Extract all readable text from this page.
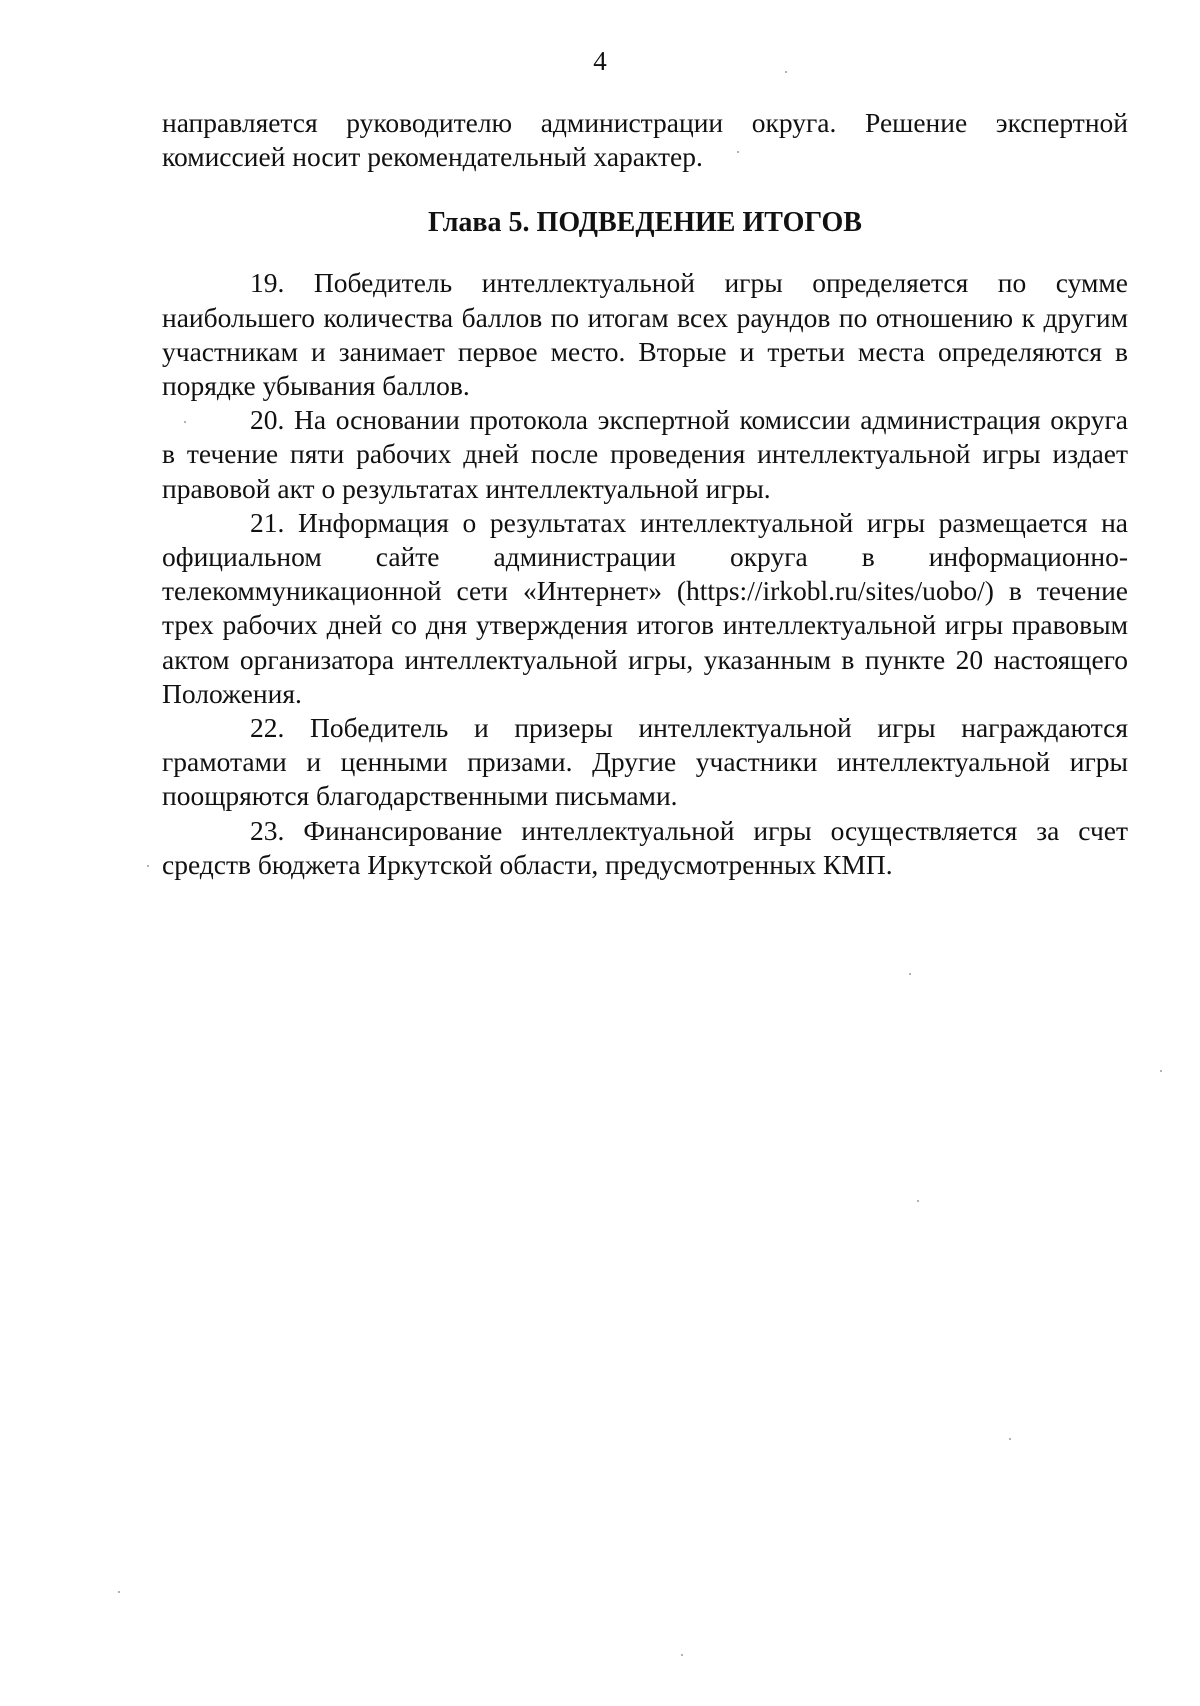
4

направляется руководителю администрации округа. Решение экспертной комиссией носит рекомендательный характер.

Глава 5. ПОДВЕДЕНИЕ ИТОГОВ

19. Победитель интеллектуальной игры определяется по сумме наибольшего количества баллов по итогам всех раундов по отношению к другим участникам и занимает первое место. Вторые и третьи места определяются в порядке убывания баллов.

20. На основании протокола экспертной комиссии администрация округа в течение пяти рабочих дней после проведения интеллектуальной игры издает правовой акт о результатах интеллектуальной игры.

21. Информация о результатах интеллектуальной игры размещается на официальном сайте администрации округа в информационно-телекоммуникационной сети «Интернет» (https://irkobl.ru/sites/uobo/) в течение трех рабочих дней со дня утверждения итогов интеллектуальной игры правовым актом организатора интеллектуальной игры, указанным в пункте 20 настоящего Положения.

22. Победитель и призеры интеллектуальной игры награждаются грамотами и ценными призами. Другие участники интеллектуальной игры поощряются благодарственными письмами.

23. Финансирование интеллектуальной игры осуществляется за счет средств бюджета Иркутской области, предусмотренных КМП.
